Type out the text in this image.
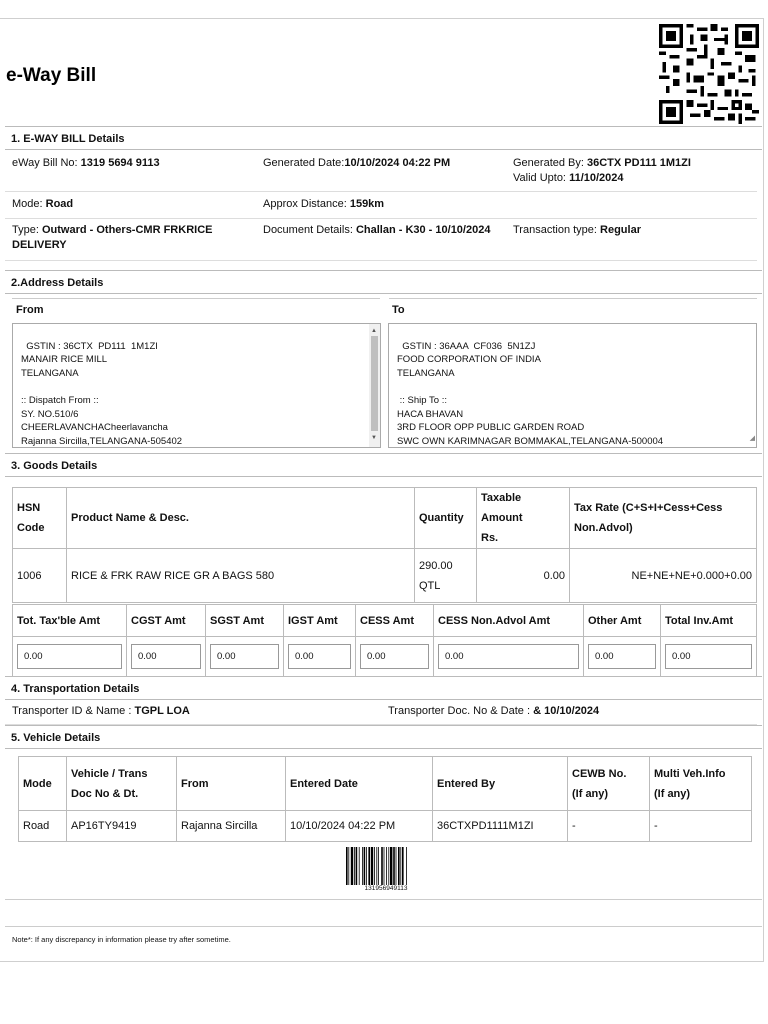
e-Way Bill
1. E-WAY BILL Details
eWay Bill No: 1319 5694 9113	Generated Date:10/10/2024 04:22 PM	Generated By: 36CTX PD111 1M1ZI
Valid Upto: 11/10/2024
Mode: Road	Approx Distance: 159km
Type: Outward - Others-CMR FRKRICE
DELIVERY
Document Details: Challan - K30 - 10/10/2024 Transaction type: Regular
2.Address Details
From	To

GSTIN : 36CTX  PD111  1M1ZI
MANAIR RICE MILL
TELANGANA

:: Dispatch From ::
SY. NO.510/6
CHEERLAVANCHACheerlavancha
Rajanna Sircilla,TELANGANA-505402

▲

▼

GSTIN : 36AAA  CF036  5N1ZJ
FOOD CORPORATION OF INDIA
TELANGANA

:: Ship To ::
HACA BHAVAN
3RD FLOOR OPP PUBLIC GARDEN ROAD
SWC OWN KARIMNAGAR BOMMAKAL,TELANGANA-500004
	◢

3. Goods Details
HSN
Code	Product Name & Desc.	Quantity	Taxable Amount
Rs.	Tax Rate (C+S+I+Cess+Cess
Non.Advol)
1006	RICE & FRK RAW RICE GR A BAGS 580	290.00
QTL	0.00	NE+NE+NE+0.000+0.00
Tot. Tax'ble Amt	CGST Amt	SGST Amt	IGST Amt	CESS Amt	CESS Non.Advol Amt	Other Amt	Total Inv.Amt

0.00	0.00	0.00	0.00	0.00	0.00	0.00	0.00
4. Transportation Details
Transporter ID & Name : TGPL LOA	Transporter Doc. No & Date : & 10/10/2024
5. Vehicle Details
Mode	Vehicle / Trans
Doc No & Dt.	From	Entered Date	Entered By	CEWB No.
(If any)	Multi Veh.Info
(If any)
Road	AP16TY9419	Rajanna Sircilla	10/10/2024 04:22 PM	36CTXPD1111M1ZI	-	-
131956949113
Note*: If any discrepancy in information please try after sometime.
